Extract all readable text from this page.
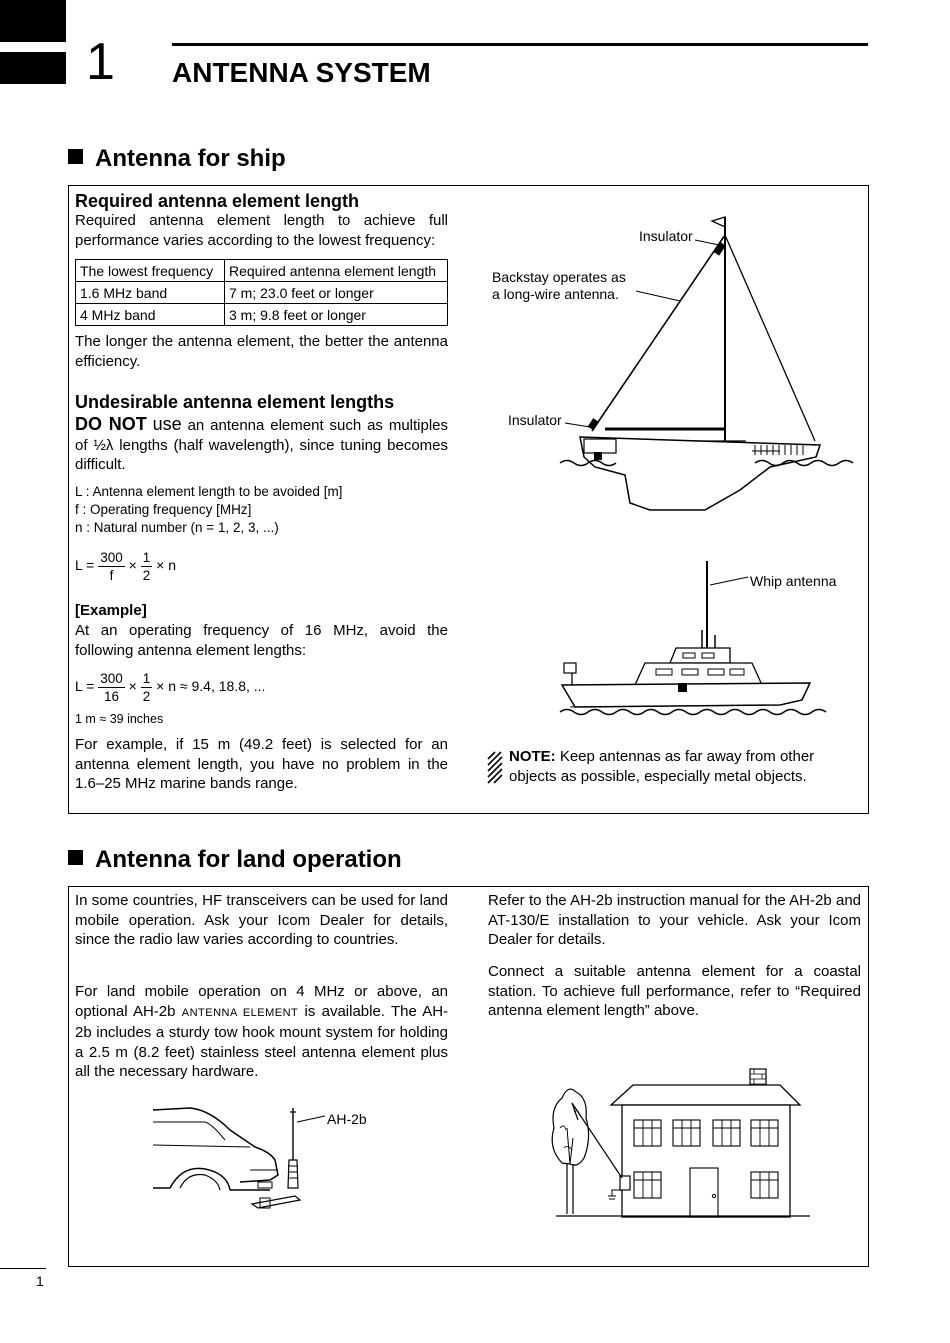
1 ANTENNA SYSTEM
Antenna for ship
Required antenna element length
Required antenna element length to achieve full performance varies according to the lowest frequency:
The lowest frequency	Required antenna element length
1.6 MHz band	7 m; 23.0 feet or longer
4 MHz band	3 m; 9.8 feet or longer
The longer the antenna element, the better the antenna efficiency.
Undesirable antenna element lengths
DO NOT use an antenna element such as multiples of ½λ lengths (half wavelength), since tuning becomes difficult.
L : Antenna element length to be avoided [m]
f : Operating frequency [MHz]
n : Natural number (n = 1, 2, 3, ...)
$L = \frac{300}{f} \times \frac{1}{2} \times n$
[Example]
At an operating frequency of 16 MHz, avoid the following antenna element lengths:
$L = \frac{300}{16} \times \frac{1}{2} \times n \approx 9.4$, 18.8, ...
1 m ≈ 39 inches
For example, if 15 m (49.2 feet) is selected for an antenna element length, you have no problem in the 1.6–25 MHz marine bands range.
Insulator
Backstay operates as
a long-wire antenna.
Insulator
Whip antenna
NOTE: Keep antennas as far away from other objects as possible, especially metal objects.
Antenna for land operation
In some countries, HF transceivers can be used for land mobile operation. Ask your Icom Dealer for details, since the radio law varies according to countries.
For land mobile operation on 4 MHz or above, an optional AH-2b ANTENNA ELEMENT is available. The AH-2b includes a sturdy tow hook mount system for holding a 2.5 m (8.2 feet) stainless steel antenna element plus all the necessary hardware.
Refer to the AH-2b instruction manual for the AH-2b and AT-130/E installation to your vehicle. Ask your Icom Dealer for details.
Connect a suitable antenna element for a coastal station. To achieve full performance, refer to “Required antenna element length” above.
AH-2b
1
